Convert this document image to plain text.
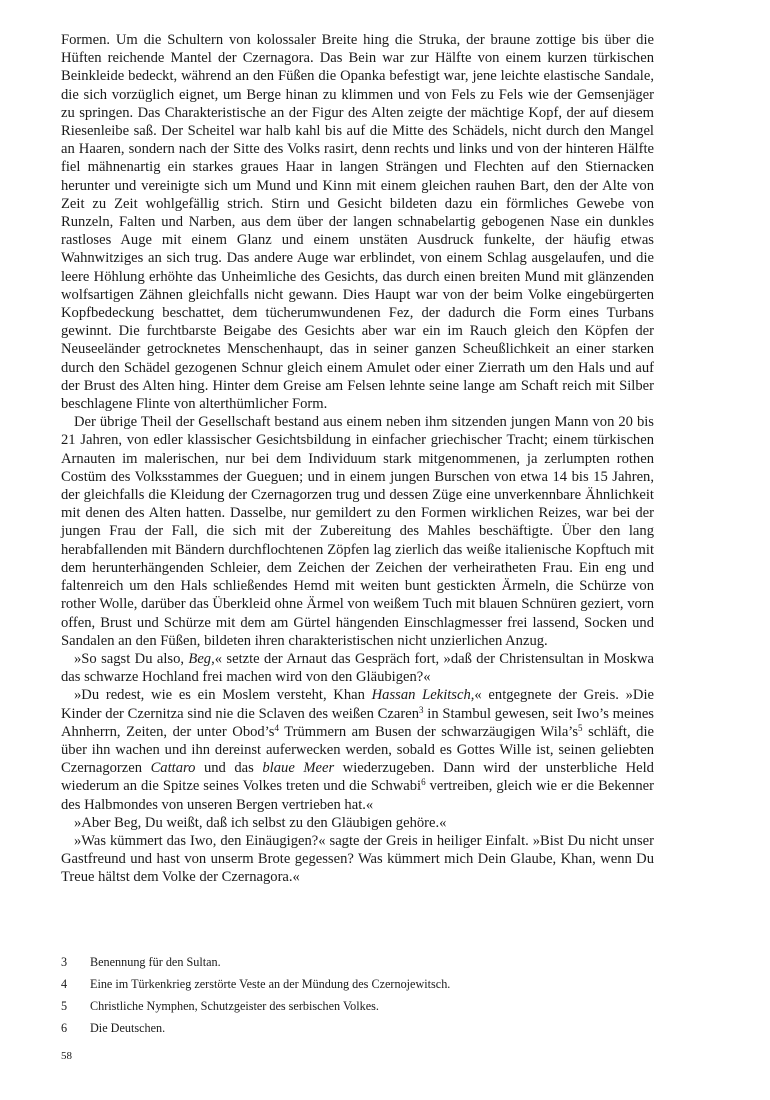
Formen. Um die Schultern von kolossaler Breite hing die Struka, der braune zottige bis über die Hüften reichende Mantel der Czernagora. Das Bein war zur Hälfte von einem kurzen türkischen Beinkleide bedeckt, während an den Füßen die Opanka befestigt war, jene leichte elastische Sandale, die sich vorzüglich eignet, um Berge hinan zu klimmen und von Fels zu Fels wie der Gemsenjäger zu springen. Das Charakteristische an der Figur des Alten zeigte der mächtige Kopf, der auf diesem Riesenleibe saß. Der Scheitel war halb kahl bis auf die Mitte des Schädels, nicht durch den Mangel an Haaren, sondern nach der Sitte des Volks rasirt, denn rechts und links und von der hinteren Hälfte fiel mähnenartig ein starkes graues Haar in langen Strängen und Flechten auf den Stiernacken herunter und vereinigte sich um Mund und Kinn mit einem gleichen rauhen Bart, den der Alte von Zeit zu Zeit wohlgefällig strich. Stirn und Gesicht bildeten dazu ein förmliches Gewebe von Runzeln, Falten und Narben, aus dem über der langen schnabelartig gebogenen Nase ein dunkles rastloses Auge mit einem Glanz und einem unstäten Ausdruck funkelte, der häufig etwas Wahnwitziges an sich trug. Das andere Auge war erblindet, von einem Schlag ausgelaufen, und die leere Höhlung erhöhte das Unheimliche des Gesichts, das durch einen breiten Mund mit glänzenden wolfsartigen Zähnen gleichfalls nicht gewann. Dies Haupt war von der beim Volke eingebürgerten Kopfbedeckung beschattet, dem tücherumwundenen Fez, der dadurch die Form eines Turbans gewinnt. Die furchtbarste Beigabe des Gesichts aber war ein im Rauch gleich den Köpfen der Neuseeländer getrocknetes Menschenhaupt, das in seiner ganzen Scheußlichkeit an einer starken durch den Schädel gezogenen Schnur gleich einem Amulet oder einer Zierrath um den Hals und auf der Brust des Alten hing. Hinter dem Greise am Felsen lehnte seine lange am Schaft reich mit Silber beschlagene Flinte von alterthümlicher Form.

Der übrige Theil der Gesellschaft bestand aus einem neben ihm sitzenden jungen Mann von 20 bis 21 Jahren, von edler klassischer Gesichtsbildung in einfacher griechischer Tracht; einem türkischen Arnauten im malerischen, nur bei dem Individuum stark mitgenommenen, ja zerlumpten rothen Costüm des Volksstammes der Gueguen; und in einem jungen Burschen von etwa 14 bis 15 Jahren, der gleichfalls die Kleidung der Czernagorzen trug und dessen Züge eine unverkennbare Ähnlichkeit mit denen des Alten hatten. Dasselbe, nur gemildert zu den Formen wirklichen Reizes, war bei der jungen Frau der Fall, die sich mit der Zubereitung des Mahles beschäftigte. Über den lang herabfallenden mit Bändern durchflochtenen Zöpfen lag zierlich das weiße italienische Kopftuch mit dem herunterhängenden Schleier, dem Zeichen der Zeichen der verheiratheten Frau. Ein eng und faltenreich um den Hals schließendes Hemd mit weiten bunt gestickten Ärmeln, die Schürze von rother Wolle, darüber das Überkleid ohne Ärmel von weißem Tuch mit blauen Schnüren geziert, vorn offen, Brust und Schürze mit dem am Gürtel hängenden Einschlagmesser frei lassend, Socken und Sandalen an den Füßen, bildeten ihren charakteristischen nicht unzierlichen Anzug.

»So sagst Du also, Beg,« setzte der Arnaut das Gespräch fort, »daß der Christensultan in Moskwa das schwarze Hochland frei machen wird von den Gläubigen?«

»Du redest, wie es ein Moslem versteht, Khan Hassan Lekitsch,« entgegnete der Greis. »Die Kinder der Czernitza sind nie die Sclaven des weißen Czaren$^3$ in Stambul gewesen, seit Iwo’s meines Ahnherrn, Zeiten, der unter $Obod’s^4$ Trümmern am Busen der schwarzäugigen $Wila’s^5$ schläft, die über ihn wachen und ihn dereinst auferwecken werden, sobald es Gottes Wille ist, seinen geliebten Czernagorzen Cattaro und das blaue Meer wiederzugeben. Dann wird der unsterbliche Held wiederum an die Spitze seines Volkes treten und die Schwabi$^6$ vertreiben, gleich wie er die Bekenner des Halbmondes von unseren Bergen vertrieben hat.«

»Aber Beg, Du weißt, daß ich selbst zu den Gläubigen gehöre.«

»Was kümmert das Iwo, den Einäugigen?« sagte der Greis in heiliger Einfalt. »Bist Du nicht unser Gastfreund und hast von unserm Brote gegessen? Was kümmert mich Dein Glaube, Khan, wenn Du Treue hältst dem Volke der Czernagora.«

3	Benennung für den Sultan.
4	Eine im Türkenkrieg zerstörte Veste an der Mündung des Czernojewitsch.
5	Christliche Nymphen, Schutzgeister des serbischen Volkes.
6	Die Deutschen.
58
